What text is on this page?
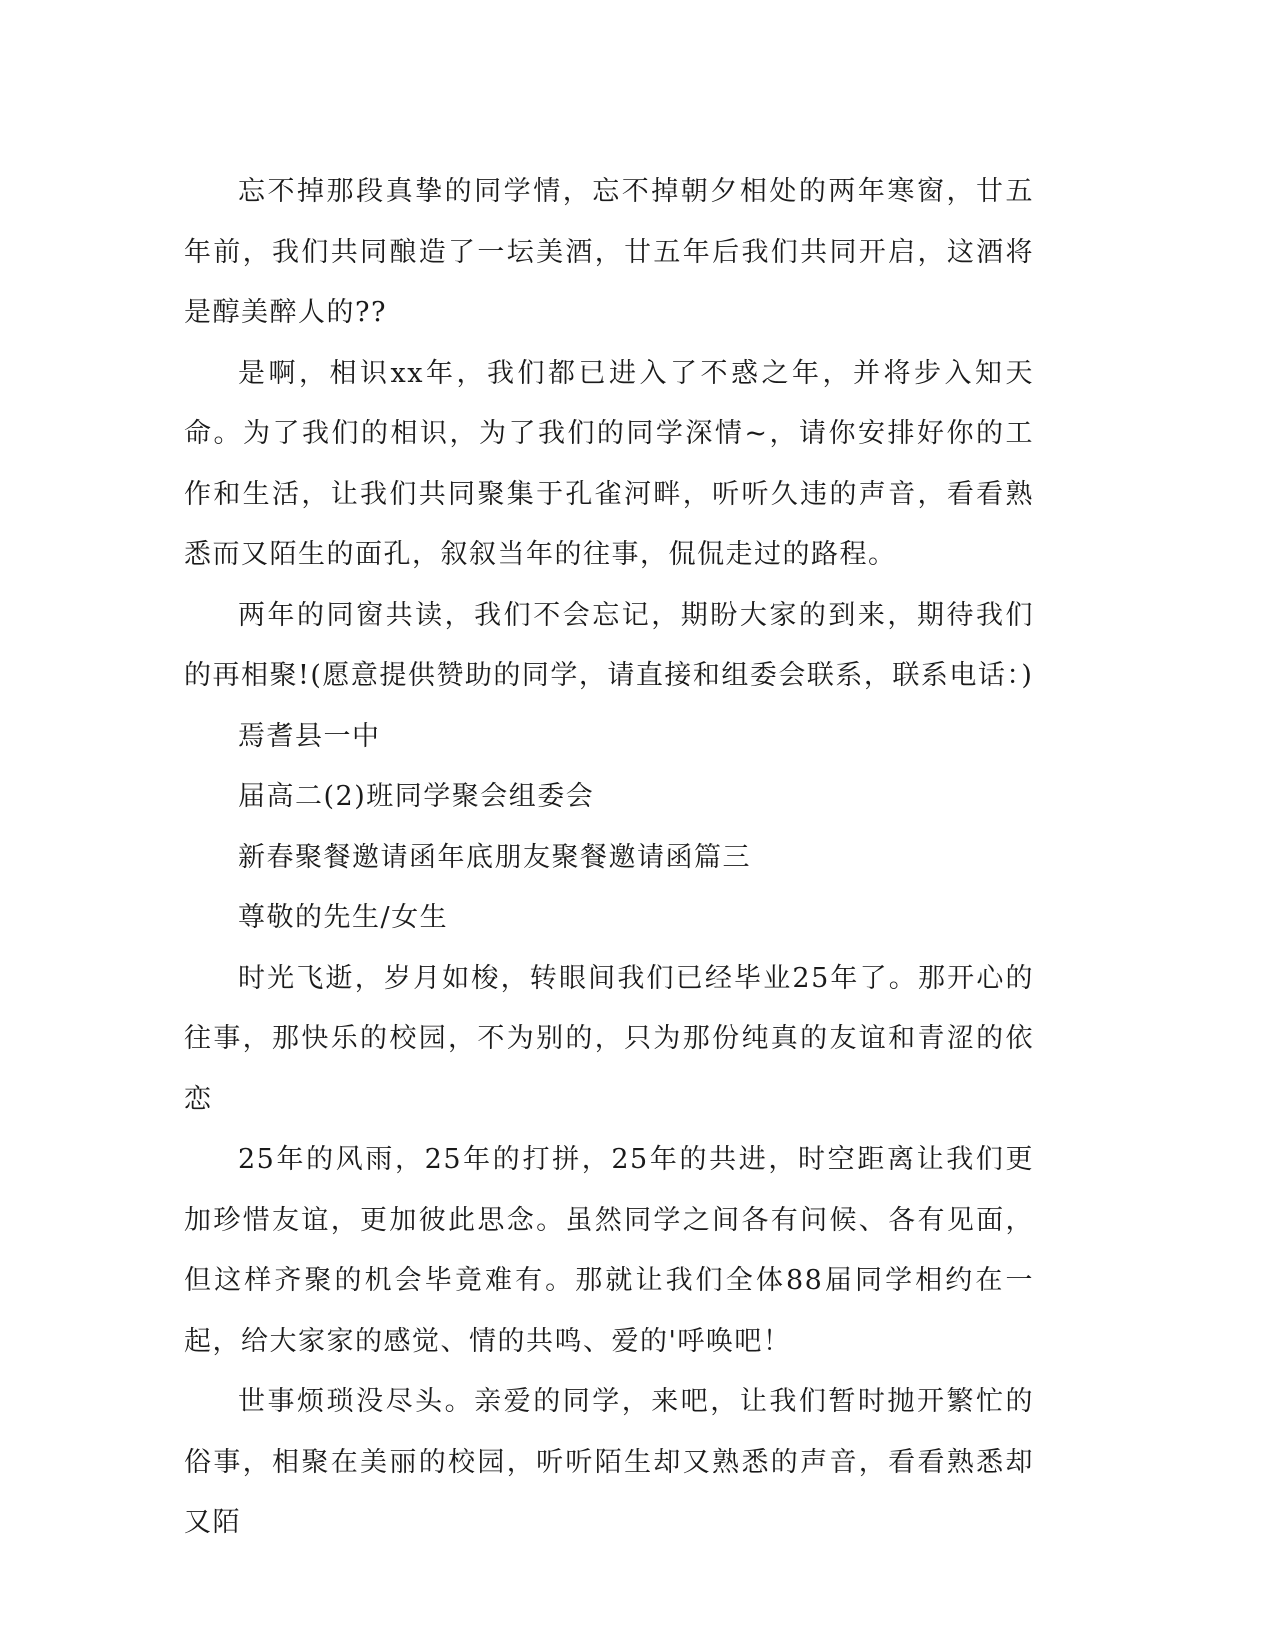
忘不掉那段真挚的同学情，忘不掉朝夕相处的两年寒窗，廿五年前，我们共同酿造了一坛美酒，廿五年后我们共同开启，这酒将是醇美醉人的??

是啊，相识xx年，我们都已进入了不惑之年，并将步入知天命。为了我们的相识，为了我们的同学深情~，请你安排好你的工作和生活，让我们共同聚集于孔雀河畔，听听久违的声音，看看熟悉而又陌生的面孔，叙叙当年的往事，侃侃走过的路程。

两年的同窗共读，我们不会忘记，期盼大家的到来，期待我们的再相聚!(愿意提供赞助的同学，请直接和组委会联系，联系电话：)

焉耆县一中

届高二(2)班同学聚会组委会

新春聚餐邀请函年底朋友聚餐邀请函篇三

尊敬的先生/女生

时光飞逝，岁月如梭，转眼间我们已经毕业25年了。那开心的往事，那快乐的校园，不为别的，只为那份纯真的友谊和青涩的依恋

25年的风雨，25年的打拼，25年的共进，时空距离让我们更加珍惜友谊，更加彼此思念。虽然同学之间各有问候、各有见面，但这样齐聚的机会毕竟难有。那就让我们全体88届同学相约在一起，给大家家的感觉、情的共鸣、爱的'呼唤吧！

世事烦琐没尽头。亲爱的同学，来吧，让我们暂时抛开繁忙的俗事，相聚在美丽的校园，听听陌生却又熟悉的声音，看看熟悉却又陌
